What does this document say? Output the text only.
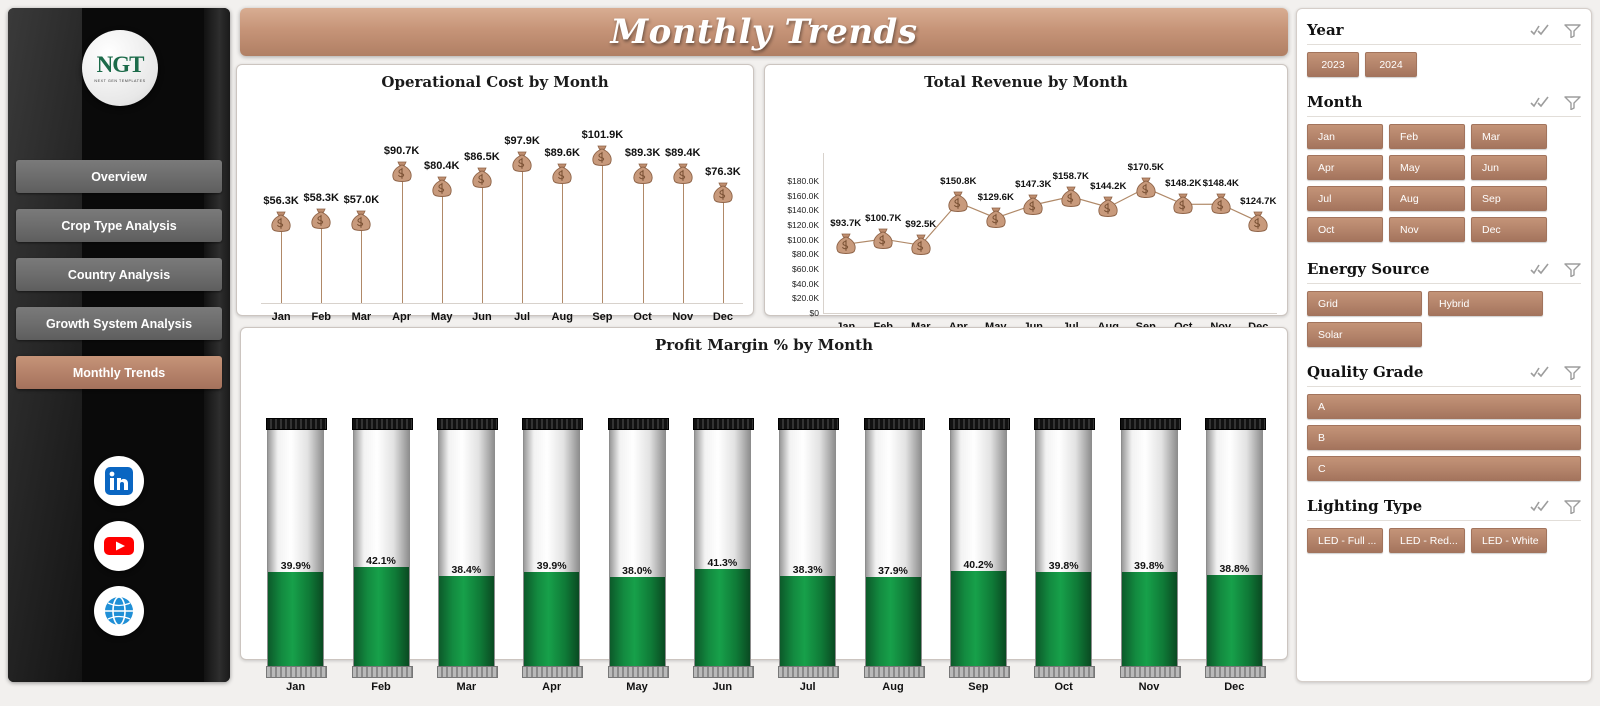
NGT
NEXT GEN TEMPLATES
Overview
Crop Type Analysis
Country Analysis
Growth System Analysis
Monthly Trends
Monthly Trends
Operational Cost by Month
$56.3K
Jan
$58.3K
Feb
$57.0K
Mar
$90.7K
Apr
$80.4K
May
$86.5K
Jun
$97.9K
Jul
$89.6K
Aug
$101.9K
Sep
$89.3K
Oct
$89.4K
Nov
$76.3K
Dec
Total Revenue by Month
$0
$20.0K
$40.0K
$60.0K
$80.0K
$100.0K
$120.0K
$140.0K
$160.0K
$180.0K
$93.7K $100.7K
$92.5K
$150.8K
$129.6K
$147.3K
$158.7K
$144.2K
$170.5K
$148.2K $148.4K
$124.7K
Profit Margin % by Month
39.9%
Jan
42.1%
Feb
38.4%
Mar
39.9%
Apr
38.0%
May
41.3%
Jun
38.3%
Jul
37.9%
Aug
40.2%
Sep
39.8%
Oct
39.8%
Nov
38.8%
Dec
Year
2023	2024
Month
Jan	Feb	Mar
Apr	May	Jun
Jul	Aug	Sep
Oct	Nov	Dec
Energy Source
Grid	Hybrid
Solar
Quality Grade
A
B
C
Lighting Type
LED - Full ...	LED - Red...	LED - White
